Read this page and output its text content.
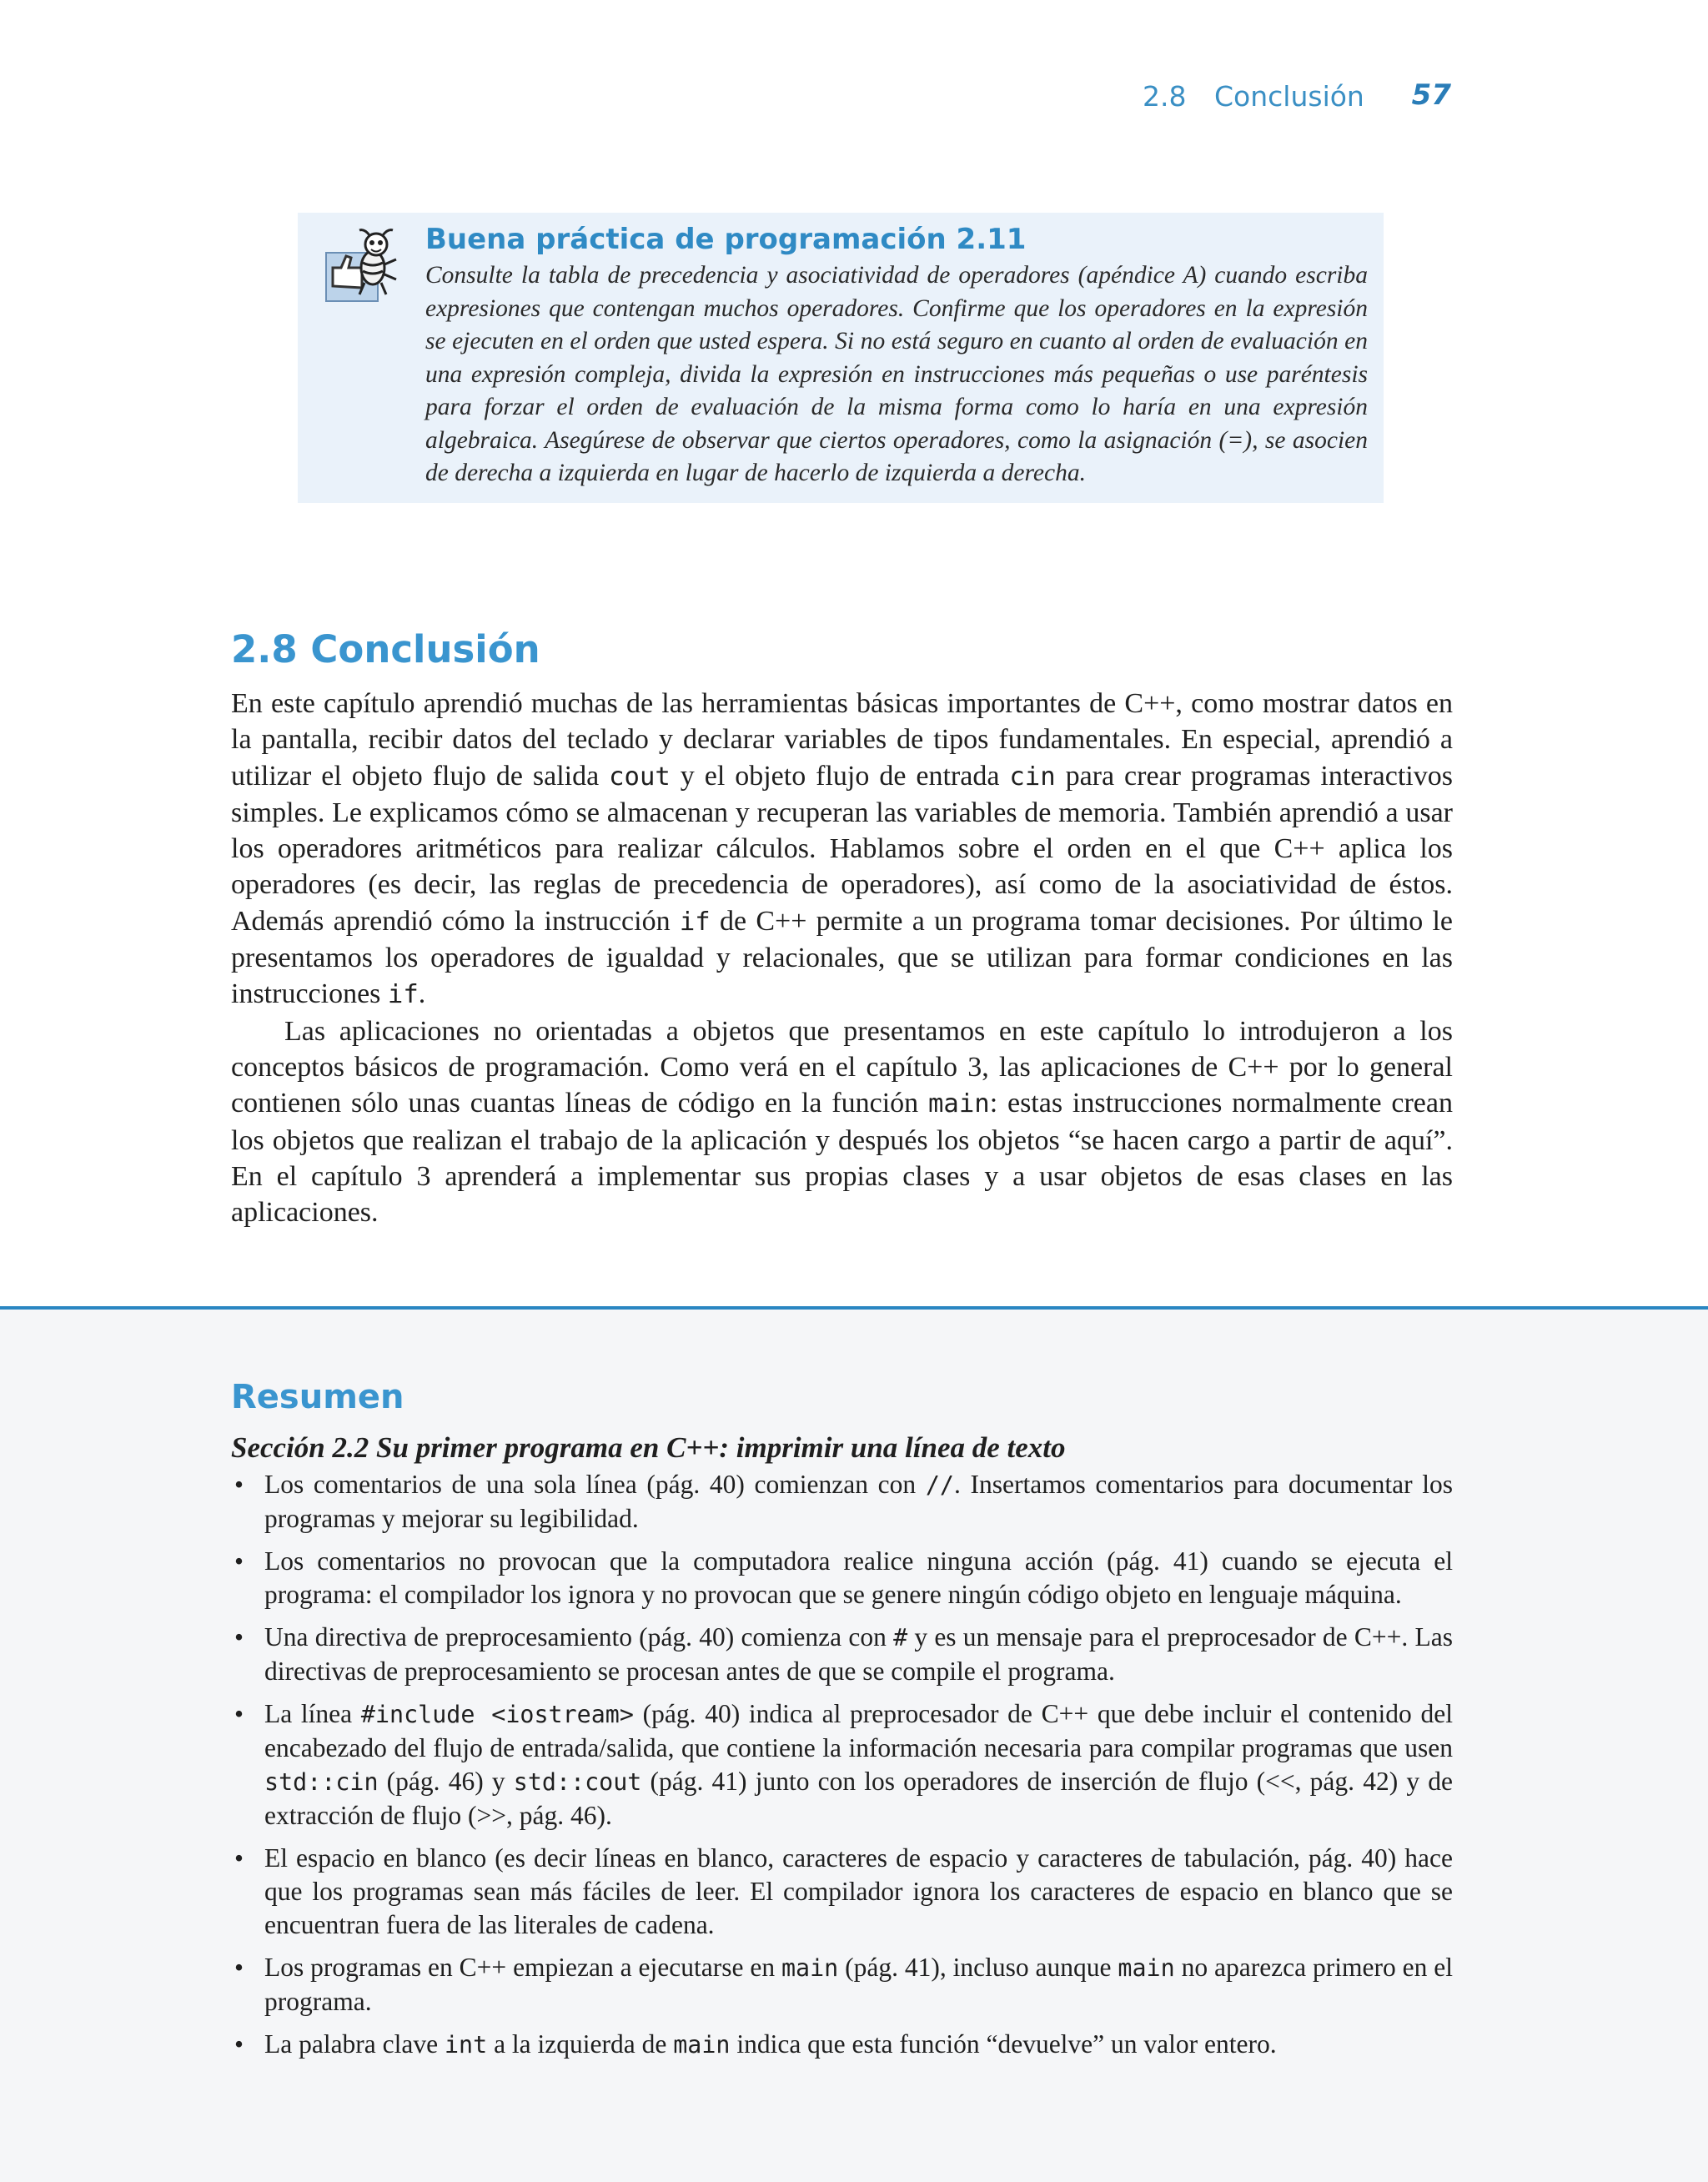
2.8 Conclusión 57
Buena práctica de programación 2.11
Consulte la tabla de precedencia y asociatividad de operadores (apéndice A) cuando escriba expresiones que contengan muchos operadores. Confirme que los operadores en la expresión se ejecuten en el orden que usted espera. Si no está seguro en cuanto al orden de evaluación en una expresión compleja, divida la expresión en instrucciones más pequeñas o use paréntesis para forzar el orden de evaluación de la misma forma como lo haría en una expresión algebraica. Asegúrese de observar que ciertos operadores, como la asignación (=), se asocien de derecha a izquierda en lugar de hacerlo de izquierda a derecha.
2.8 Conclusión

En este capítulo aprendió muchas de las herramientas básicas importantes de C++, como mostrar datos en la pantalla, recibir datos del teclado y declarar variables de tipos fundamentales. En especial, aprendió a utilizar el objeto flujo de salida cout y el objeto flujo de entrada cin para crear programas interactivos simples. Le explicamos cómo se almacenan y recuperan las variables de memoria. También aprendió a usar los operadores aritméticos para realizar cálculos. Hablamos sobre el orden en el que C++ aplica los operadores (es decir, las reglas de precedencia de operadores), así como de la asociatividad de éstos. Además aprendió cómo la instrucción if de C++ permite a un programa tomar decisiones. Por último le presentamos los operadores de igualdad y relacionales, que se utilizan para formar condiciones en las instrucciones if.

Las aplicaciones no orientadas a objetos que presentamos en este capítulo lo introdujeron a los conceptos básicos de programación. Como verá en el capítulo 3, las aplicaciones de C++ por lo general contienen sólo unas cuantas líneas de código en la función main: estas instrucciones normalmente crean los objetos que realizan el trabajo de la aplicación y después los objetos “se hacen cargo a partir de aquí”. En el capítulo 3 aprenderá a implementar sus propias clases y a usar objetos de esas clases en las aplicaciones.

Resumen
Sección 2.2 Su primer programa en C++: imprimir una línea de texto
• Los comentarios de una sola línea (pág. 40) comienzan con //. Insertamos comentarios para documentar los programas y mejorar su legibilidad.
• Los comentarios no provocan que la computadora realice ninguna acción (pág. 41) cuando se ejecuta el programa: el compilador los ignora y no provocan que se genere ningún código objeto en lenguaje máquina.
• Una directiva de preprocesamiento (pág. 40) comienza con # y es un mensaje para el preprocesador de C++. Las directivas de preprocesamiento se procesan antes de que se compile el programa.
• La línea #include <iostream> (pág. 40) indica al preprocesador de C++ que debe incluir el contenido del encabezado del flujo de entrada/salida, que contiene la información necesaria para compilar programas que usen std::cin (pág. 46) y std::cout (pág. 41) junto con los operadores de inserción de flujo (<<, pág. 42) y de extracción de flujo (>>, pág. 46).
• El espacio en blanco (es decir líneas en blanco, caracteres de espacio y caracteres de tabulación, pág. 40) hace que los programas sean más fáciles de leer. El compilador ignora los caracteres de espacio en blanco que se encuentran fuera de las literales de cadena.
• Los programas en C++ empiezan a ejecutarse en main (pág. 41), incluso aunque main no aparezca primero en el programa.
• La palabra clave int a la izquierda de main indica que esta función “devuelve” un valor entero.
